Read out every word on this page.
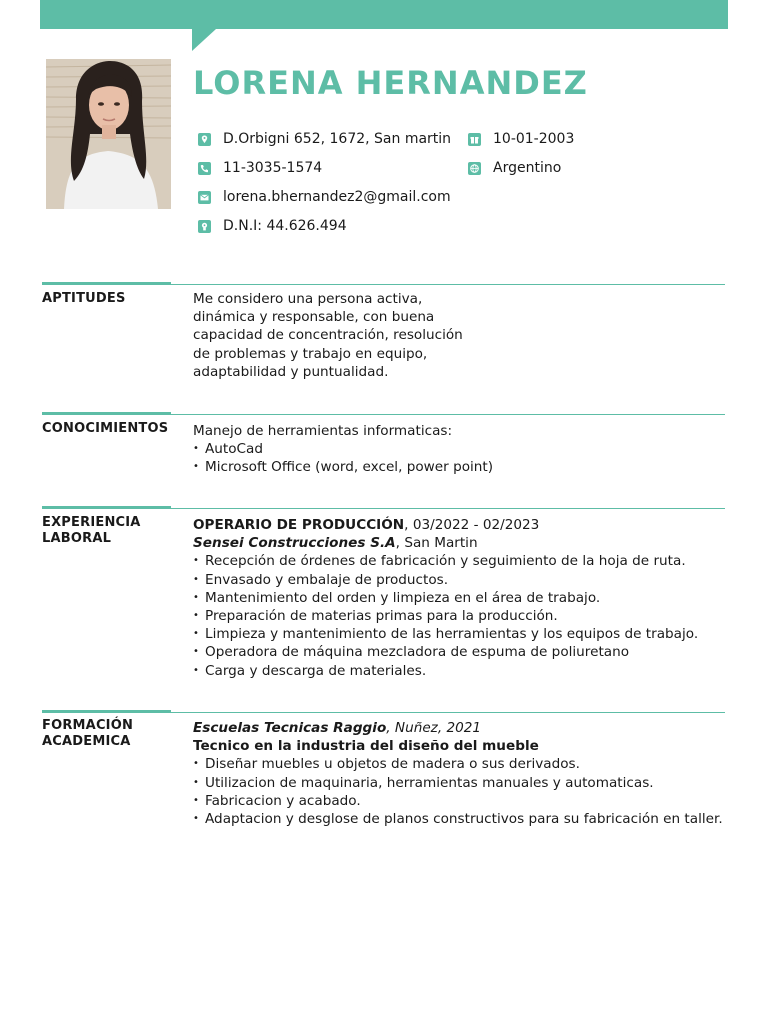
LORENA HERNANDEZ
D.Orbigni 652, 1672, San martin
11-3035-1574
lorena.bhernandez2@gmail.com
D.N.I: 44.626.494
10-01-2003
Argentino
APTITUDES	Me considero una persona activa,

dinámica y responsable, con buena

capacidad de concentración, resolución

de problemas y trabajo en equipo,

adaptabilidad y puntualidad.

CONOCIMIENTOS Manejo de herramientas informaticas:

• AutoCad
• Microsoft Office (word, excel, power point)
EXPERIENCIA
LABORAL

OPERARIO DE PRODUCCIÓN, 03/2022 - 02/2023

Sensei Construcciones S.A, San Martin

• Recepción de órdenes de fabricación y seguimiento de la hoja de ruta.
• Envasado y embalaje de productos.
• Mantenimiento del orden y limpieza en el área de trabajo.
• Preparación de materias primas para la producción.
• Limpieza y mantenimiento de las herramientas y los equipos de trabajo.
• Operadora de máquina mezcladora de espuma de poliuretano
• Carga y descarga de materiales.
FORMACIÓN
ACADEMICA

Escuelas Tecnicas Raggio, Nuñez, 2021

Tecnico en la industria del diseño del mueble

• Diseñar muebles u objetos de madera o sus derivados.
• Utilizacion de maquinaria, herramientas manuales y automaticas.
• Fabricacion y acabado.
• Adaptacion y desglose de planos constructivos para su fabricación en taller.
